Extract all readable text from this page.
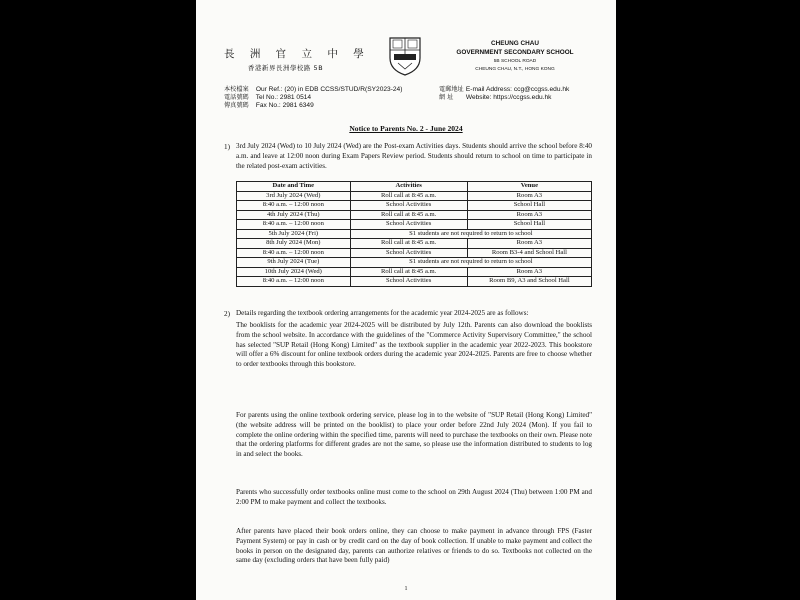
長 洲 官 立 中 學
香港新界長洲學校路 5B
CHEUNG CHAU
GOVERNMENT SECONDARY SCHOOL
5B SCHOOL ROAD
CHEUNG CHAU, N.T., HONG KONG
本校檔案 Our Ref.: (20) in EDB CCSS/STUD/R(SY2023-24)
電話號碼 Tel No.: 2981 0514
傳真號碼 Fax No.: 2981 6349
電郵地址 E-mail Address: ccg@ccgss.edu.hk
網 址 Website: https://ccgss.edu.hk
Notice to Parents No. 2 - June 2024
1) 3rd July 2024 (Wed) to 10 July 2024 (Wed) are the Post-exam Activities days. Students should arrive the school before 8:40 a.m. and leave at 12:00 noon during Exam Papers Review period. Students should return to school on time to participate in the related post-exam activities.
Date and Time	Activities	Venue
3rd July 2024 (Wed)	Roll call at 8:45 a.m.	Room A3
8:40 a.m. – 12:00 noon	School Activities	School Hall
4th July 2024 (Thu)	Roll call at 8:45 a.m.	Room A3
8:40 a.m. – 12:00 noon	School Activities	School Hall
5th July 2024 (Fri)	S1 students are not required to return to school	
8th July 2024 (Mon)	Roll call at 8:45 a.m.	Room A3
8:40 a.m. – 12:00 noon	School Activities	Room B3-4 and School Hall
9th July 2024 (Tue)	S1 students are not required to return to school	
10th July 2024 (Wed)	Roll call at 8:45 a.m.	Room A3
8:40 a.m. – 12:00 noon	School Activities	Room B9, A3 and School Hall
2) Details regarding the textbook ordering arrangements for the academic year 2024-2025 are as follows:
The booklists for the academic year 2024-2025 will be distributed by July 12th. Parents can also download the booklists from the school website. In accordance with the guidelines of the "Commerce Activity Supervisory Committee," the school has selected "SUP Retail (Hong Kong) Limited" as the textbook supplier in the academic year 2022-2023. This bookstore will offer a 6% discount for online textbook orders during the academic year 2024-2025. Parents are free to choose whether to order textbooks through this bookstore.
For parents using the online textbook ordering service, please log in to the website of "SUP Retail (Hong Kong) Limited" (the website address will be printed on the booklist) to place your order before 22nd July 2024 (Mon). If you fail to complete the online ordering within the specified time, parents will need to purchase the textbooks on their own. Please note that the ordering platforms for different grades are not the same, so please use the information distributed to students to log in and select the books.
Parents who successfully order textbooks online must come to the school on 29th August 2024 (Thu) between 1:00 PM and 2:00 PM to make payment and collect the textbooks.
After parents have placed their book orders online, they can choose to make payment in advance through FPS (Faster Payment System) or pay in cash or by credit card on the day of book collection. If unable to make payment and collect the books in person on the designated day, parents can authorize relatives or friends to do so. Textbooks not collected on the same day (excluding orders that have been fully paid)
1
